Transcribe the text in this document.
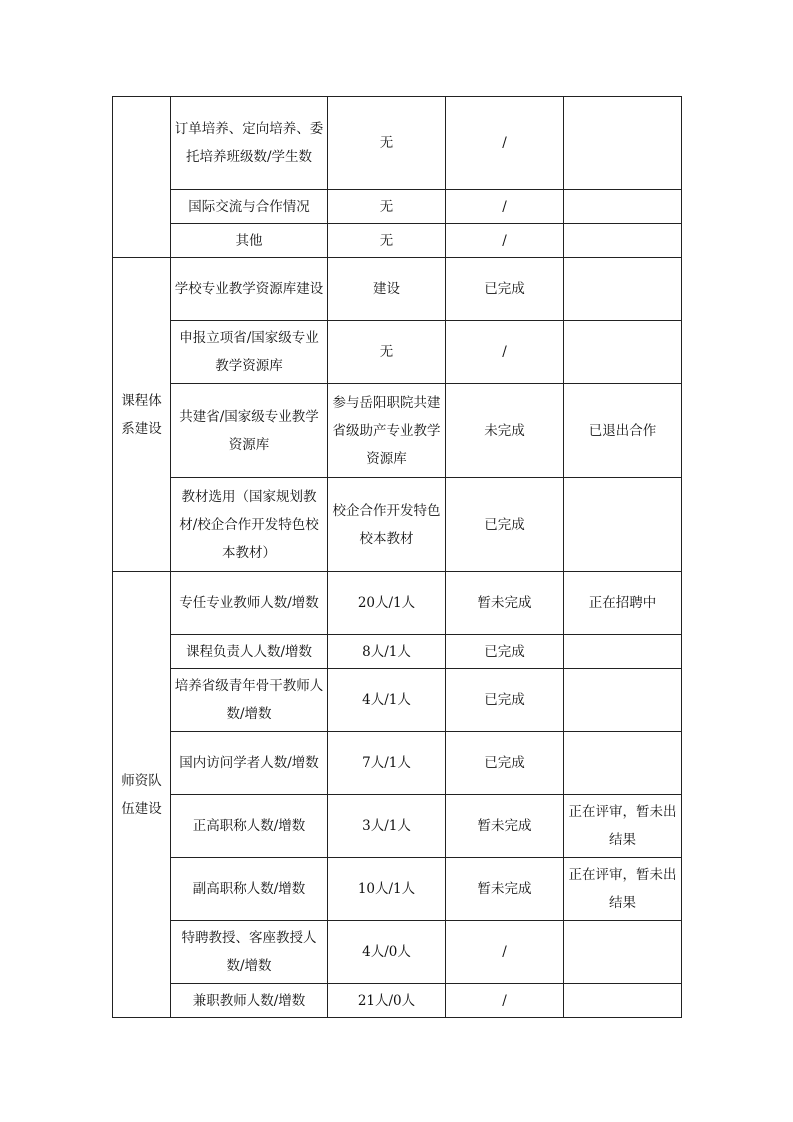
	订单培养、定向培养、委托培养班级数/学生数	无	/	
	国际交流与合作情况	无	/	
	其他	无	/	
课程体系建设	学校专业教学资源库建设	建设	已完成	
	申报立项省/国家级专业教学资源库	无	/	
	共建省/国家级专业教学资源库	参与岳阳职院共建省级助产专业教学资源库	未完成	已退出合作
	教材选用（国家规划教材/校企合作开发特色校本教材）	校企合作开发特色校本教材	已完成	
师资队伍建设	专任专业教师人数/增数	20人/1人	暂未完成	正在招聘中
	课程负责人人数/增数	8人/1人	已完成	
	培养省级青年骨干教师人数/增数	4人/1人	已完成	
	国内访问学者人数/增数	7人/1人	已完成	
	正高职称人数/增数	3人/1人	暂未完成	正在评审，暂未出结果
	副高职称人数/增数	10人/1人	暂未完成	正在评审，暂未出结果
	特聘教授、客座教授人数/增数	4人/0人	/	
	兼职教师人数/增数	21人/0人	/	
